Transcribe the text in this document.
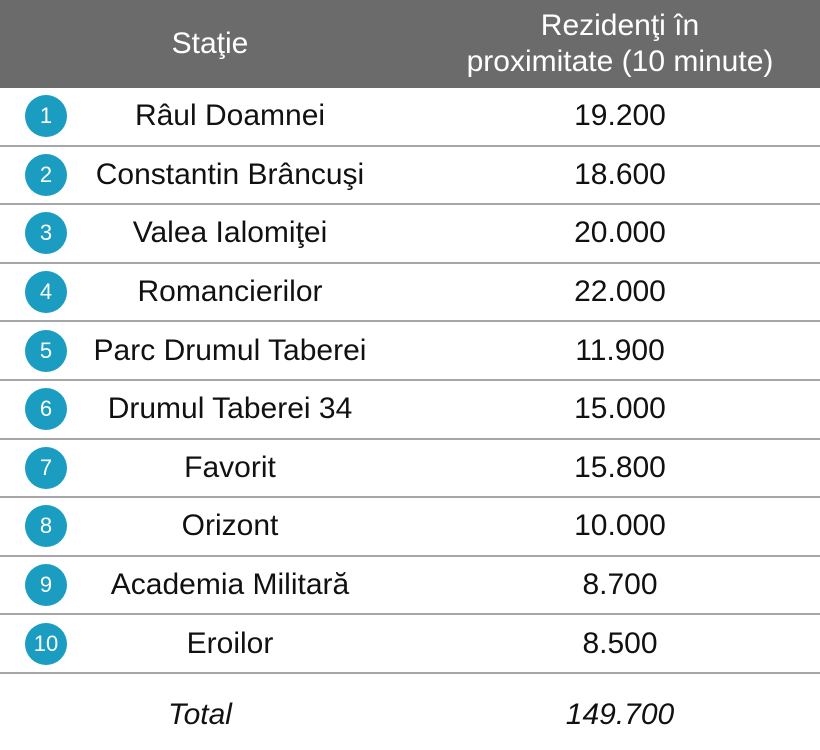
Staţie
Rezidenţi în
proximitate (10 minute)
1	Râul Doamnei	19.200
2	Constantin Brâncuşi	18.600
3	Valea Ialomiţei	20.000
4	Romancierilor	22.000
5	Parc Drumul Taberei	11.900
6	Drumul Taberei 34	15.000
7	Favorit	15.800
8	Orizont	10.000
9	Academia Militară	8.700
10	Eroilor	8.500
Total	149.700
